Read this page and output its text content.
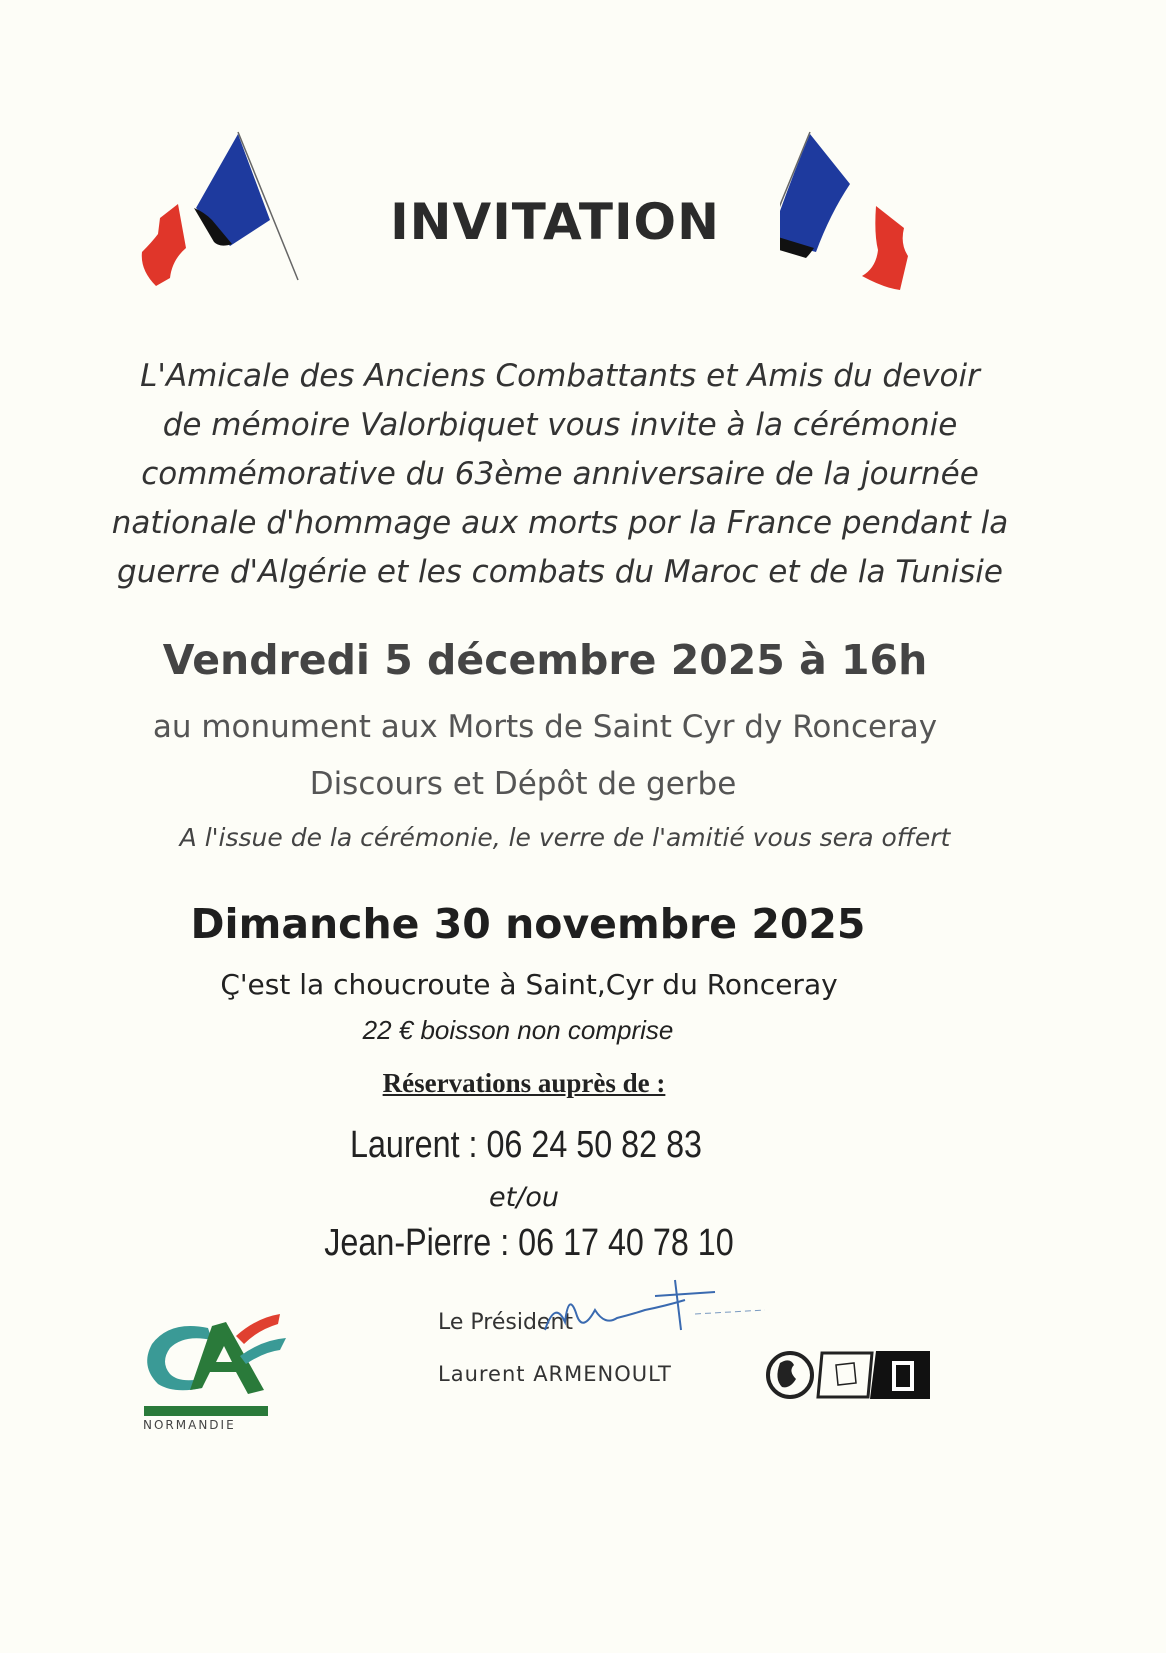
INVITATION
L'Amicale des Anciens Combattants et Amis du devoir
de mémoire Valorbiquet vous invite à la cérémonie
commémorative du 63ème anniversaire de la journée
nationale d'hommage aux morts por la France pendant la
guerre d'Algérie et les combats du Maroc et de la Tunisie
Vendredi 5 décembre 2025 à 16h
au monument aux Morts de Saint Cyr dy Ronceray
Discours et Dépôt de gerbe
A l'issue de la cérémonie, le verre de l'amitié vous sera offert
Dimanche 30 novembre 2025
Ç'est la choucroute à Saint,Cyr du Ronceray
22 € boisson non comprise
Réservations auprès de :
Laurent : 06 24 50 82 83
et/ou
Jean-Pierre : 06 17 40 78 10
NORMANDIE
Le Président
Laurent ARMENOULT
